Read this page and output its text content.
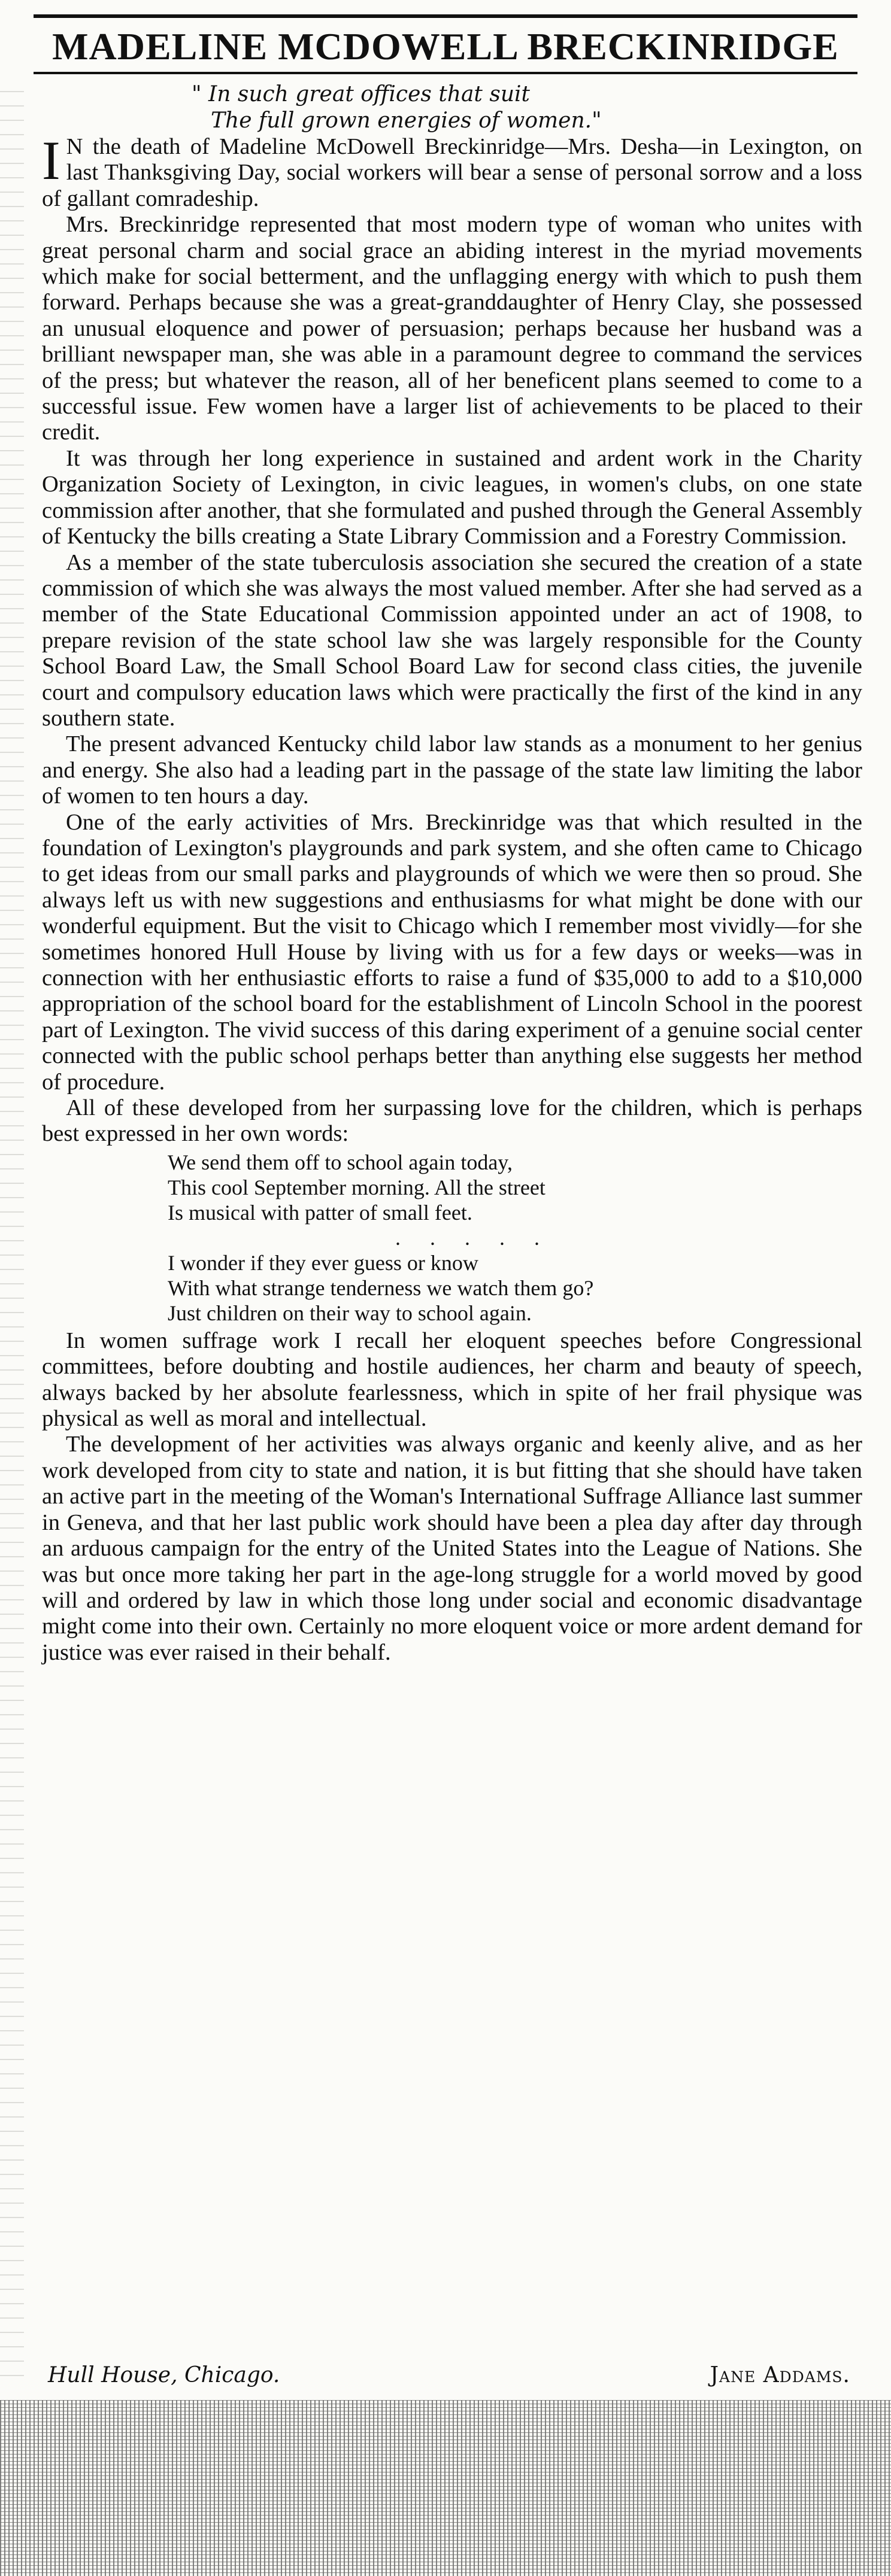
MADELINE MCDOWELL BRECKINRIDGE
" In such great offices that suit
The full grown energies of women."

I N the death of Madeline McDowell Breckinridge—Mrs. Desha—in Lexington, on last Thanksgiving Day, social workers will bear a sense of personal sorrow and a loss of gallant comradeship.

Mrs. Breckinridge represented that most modern type of woman who unites with great personal charm and social grace an abiding interest in the myriad movements which make for social betterment, and the unflagging energy with which to push them forward. Perhaps because she was a great-granddaughter of Henry Clay, she possessed an unusual eloquence and power of persuasion; perhaps because her husband was a brilliant newspaper man, she was able in a paramount degree to command the services of the press; but whatever the reason, all of her beneficent plans seemed to come to a successful issue. Few women have a larger list of achievements to be placed to their credit.

It was through her long experience in sustained and ardent work in the Charity Organization Society of Lexington, in civic leagues, in women's clubs, on one state commission after another, that she formulated and pushed through the General Assembly of Kentucky the bills creating a State Library Commission and a Forestry Commission.

As a member of the state tuberculosis association she secured the creation of a state commission of which she was always the most valued member. After she had served as a member of the State Educational Commission appointed under an act of 1908, to prepare revision of the state school law she was largely responsible for the County School Board Law, the Small School Board Law for second class cities, the juvenile court and compulsory education laws which were practically the first of the kind in any southern state.

The present advanced Kentucky child labor law stands as a monument to her genius and energy. She also had a leading part in the passage of the state law limiting the labor of women to ten hours a day.

One of the early activities of Mrs. Breckinridge was that which resulted in the foundation of Lexington's playgrounds and park system, and she often came to Chicago to get ideas from our small parks and playgrounds of which we were then so proud. She always left us with new suggestions and enthusiasms for what might be done with our wonderful equipment. But the visit to Chicago which I remember most vividly—for she sometimes honored Hull House by living with us for a few days or weeks—was in connection with her enthusiastic efforts to raise a fund of $35,000 to add to a $10,000 appropriation of the school board for the establishment of Lincoln School in the poorest part of Lexington. The vivid success of this daring experiment of a genuine social center connected with the public school perhaps better than anything else suggests her method of procedure.

All of these developed from her surpassing love for the children, which is perhaps best expressed in her own words:

We send them off to school again today,
This cool September morning. All the street
Is musical with patter of small feet.
. . . . .
I wonder if they ever guess or know
With what strange tenderness we watch them go?
Just children on their way to school again.

In women suffrage work I recall her eloquent speeches before Congressional committees, before doubting and hostile audiences, her charm and beauty of speech, always backed by her absolute fearlessness, which in spite of her frail physique was physical as well as moral and intellectual.

The development of her activities was always organic and keenly alive, and as her work developed from city to state and nation, it is but fitting that she should have taken an active part in the meeting of the Woman's International Suffrage Alliance last summer in Geneva, and that her last public work should have been a plea day after day through an arduous campaign for the entry of the United States into the League of Nations. She was but once more taking her part in the age-long struggle for a world moved by good will and ordered by law in which those long under social and economic disadvantage might come into their own. Certainly no more eloquent voice or more ardent demand for justice was ever raised in their behalf.

Hull House, Chicago.	Jane Addams.
